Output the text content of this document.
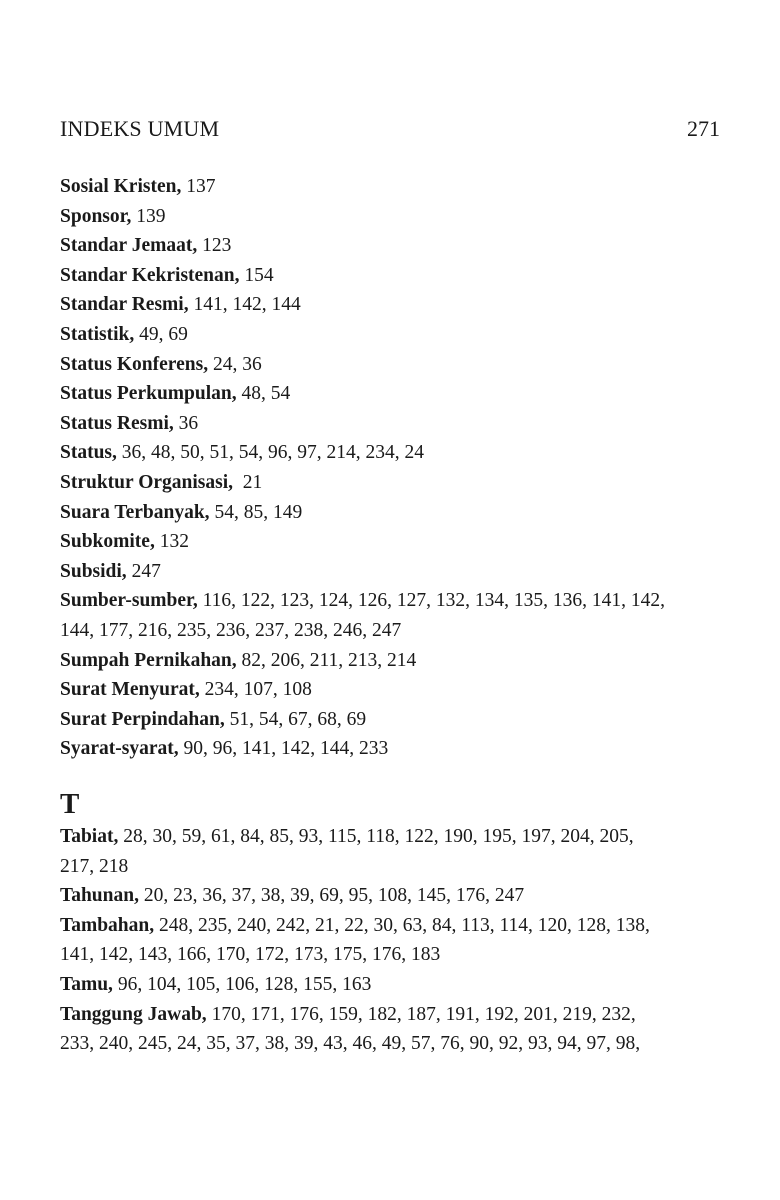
INDEKS UMUM	271
Sosial Kristen, 137
Sponsor, 139
Standar Jemaat, 123
Standar Kekristenan, 154
Standar Resmi, 141, 142, 144
Statistik, 49, 69
Status Konferens, 24, 36
Status Perkumpulan, 48, 54
Status Resmi, 36
Status, 36, 48, 50, 51, 54, 96, 97, 214, 234, 24
Struktur Organisasi,  21
Suara Terbanyak, 54, 85, 149
Subkomite, 132
Subsidi, 247
Sumber-sumber, 116, 122, 123, 124, 126, 127, 132, 134, 135, 136, 141, 142,
144, 177, 216, 235, 236, 237, 238, 246, 247
Sumpah Pernikahan, 82, 206, 211, 213, 214
Surat Menyurat, 234, 107, 108
Surat Perpindahan, 51, 54, 67, 68, 69
Syarat-syarat, 90, 96, 141, 142, 144, 233
T
Tabiat, 28, 30, 59, 61, 84, 85, 93, 115, 118, 122, 190, 195, 197, 204, 205,
217, 218
Tahunan, 20, 23, 36, 37, 38, 39, 69, 95, 108, 145, 176, 247
Tambahan, 248, 235, 240, 242, 21, 22, 30, 63, 84, 113, 114, 120, 128, 138,
141, 142, 143, 166, 170, 172, 173, 175, 176, 183
Tamu, 96, 104, 105, 106, 128, 155, 163
Tanggung Jawab, 170, 171, 176, 159, 182, 187, 191, 192, 201, 219, 232,
233, 240, 245, 24, 35, 37, 38, 39, 43, 46, 49, 57, 76, 90, 92, 93, 94, 97, 98,
